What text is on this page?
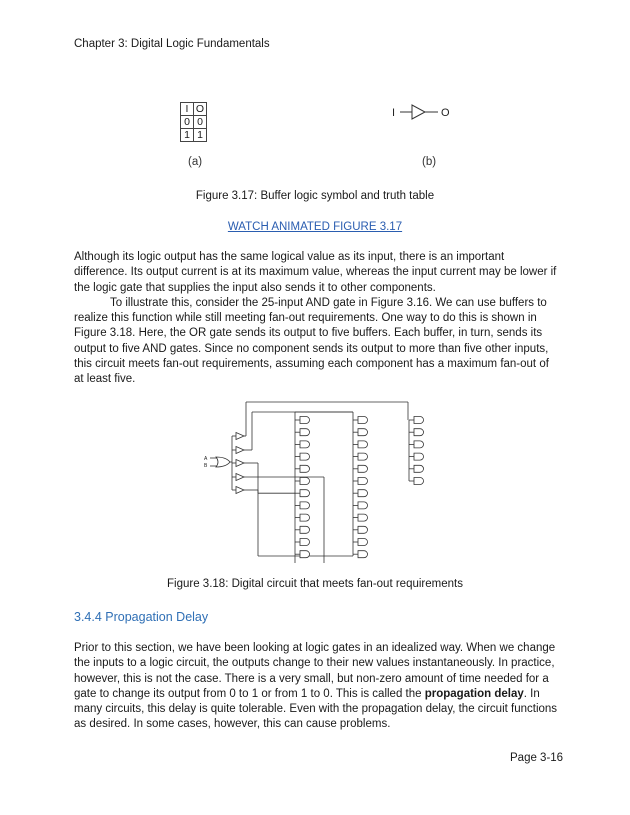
Chapter 3: Digital Logic Fundamentals
I	O
0	0
1	1
(a)	(b)
I	O
Figure 3.17: Buffer logic symbol and truth table
WATCH ANIMATED FIGURE 3.17

Although its logic output has the same logical value as its input, there is an important difference. Its output current is at its maximum value, whereas the input current may be lower if the logic gate that supplies the input also sends it to other components.

To illustrate this, consider the 25-input AND gate in Figure 3.16. We can use buffers to realize this function while still meeting fan-out requirements. One way to do this is shown in Figure 3.18. Here, the OR gate sends its output to five buffers. Each buffer, in turn, sends its output to five AND gates. Since no component sends its output to more than five other inputs, this circuit meets fan-out requirements, assuming each component has a maximum fan-out of at least five.

A
B
Figure 3.18: Digital circuit that meets fan-out requirements
3.4.4 Propagation Delay

Prior to this section, we have been looking at logic gates in an idealized way. When we change the inputs to a logic circuit, the outputs change to their new values instantaneously. In practice, however, this is not the case. There is a very small, but non-zero amount of time needed for a gate to change its output from 0 to 1 or from 1 to 0. This is called the propagation delay. In many circuits, this delay is quite tolerable. Even with the propagation delay, the circuit functions as desired. In some cases, however, this can cause problems.

Page 3-16
